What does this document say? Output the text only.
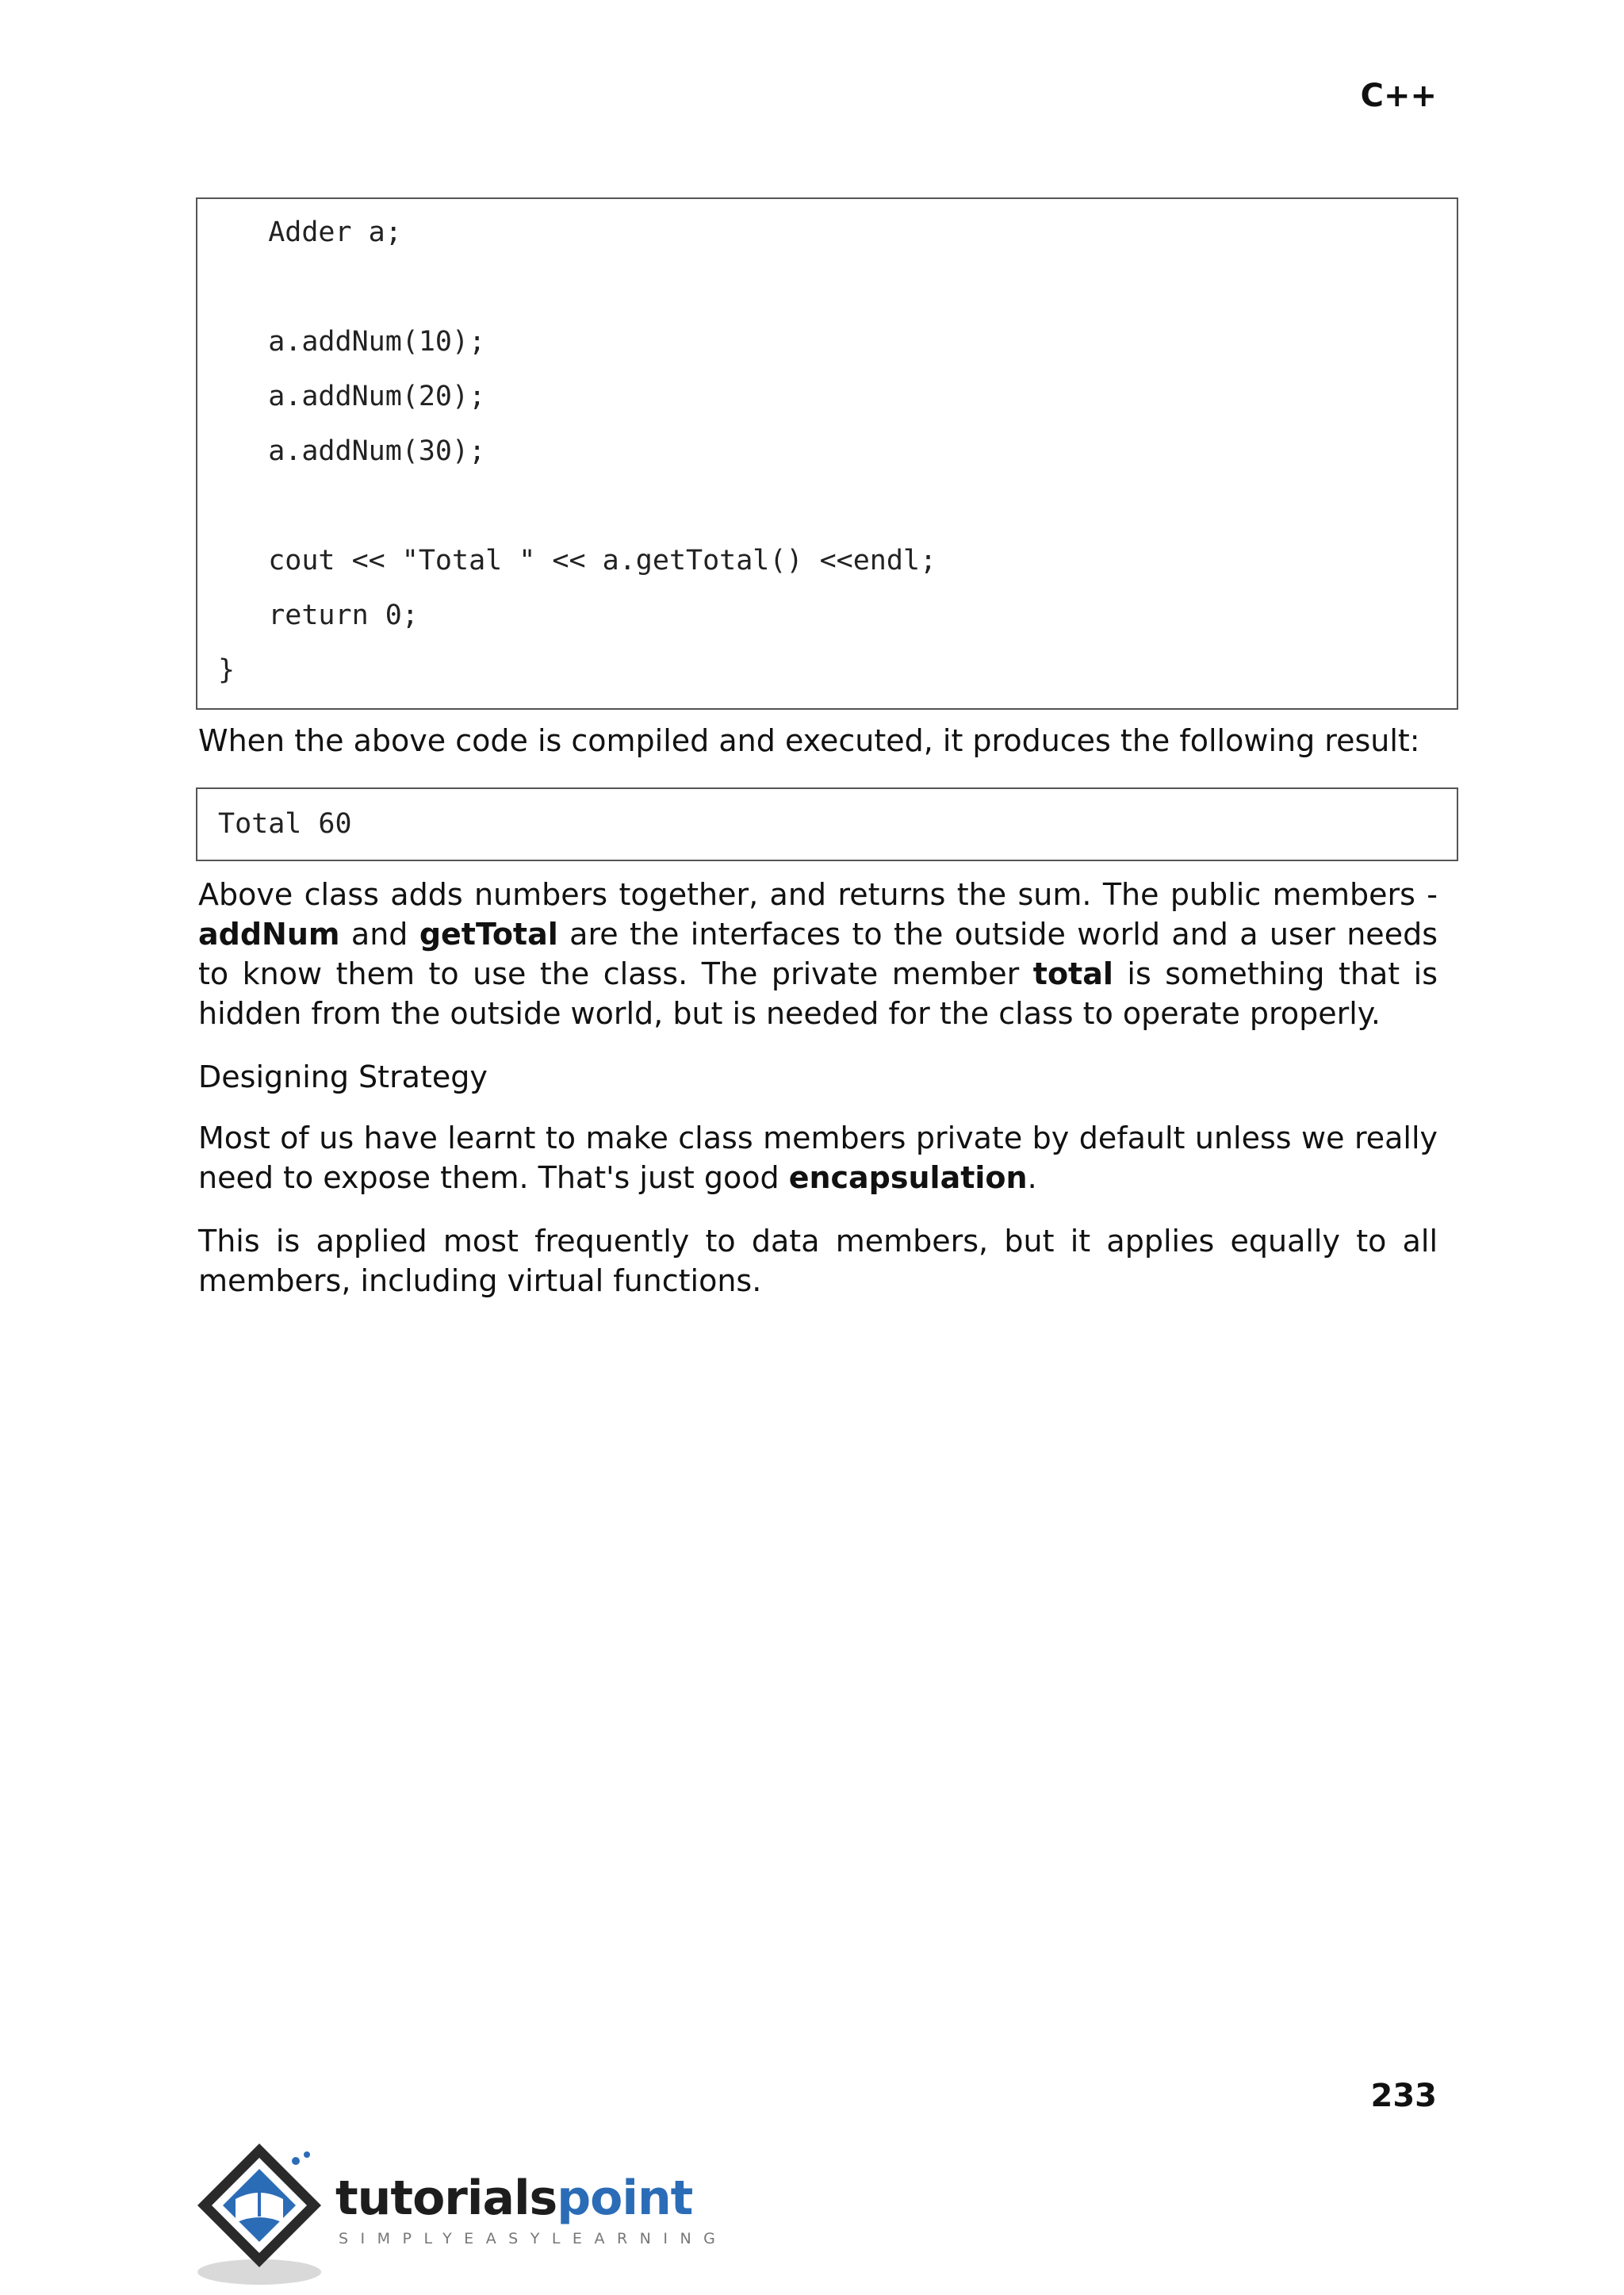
C++
Adder a;
a.addNum(10);
a.addNum(20);
a.addNum(30);
cout << "Total " << a.getTotal() <<endl;
return 0;
}
When the above code is compiled and executed, it produces the following result:
Total 60
Above class adds numbers together, and returns the sum. The public members - addNum and getTotal are the interfaces to the outside world and a user needs to know them to use the class. The private member total is something that is hidden from the outside world, but is needed for the class to operate properly.
Designing Strategy
Most of us have learnt to make class members private by default unless we really need to expose them. That's just good encapsulation.
This is applied most frequently to data members, but it applies equally to all members, including virtual functions.
233
tutorialspoint
SIMPLYEASYLEARNING
